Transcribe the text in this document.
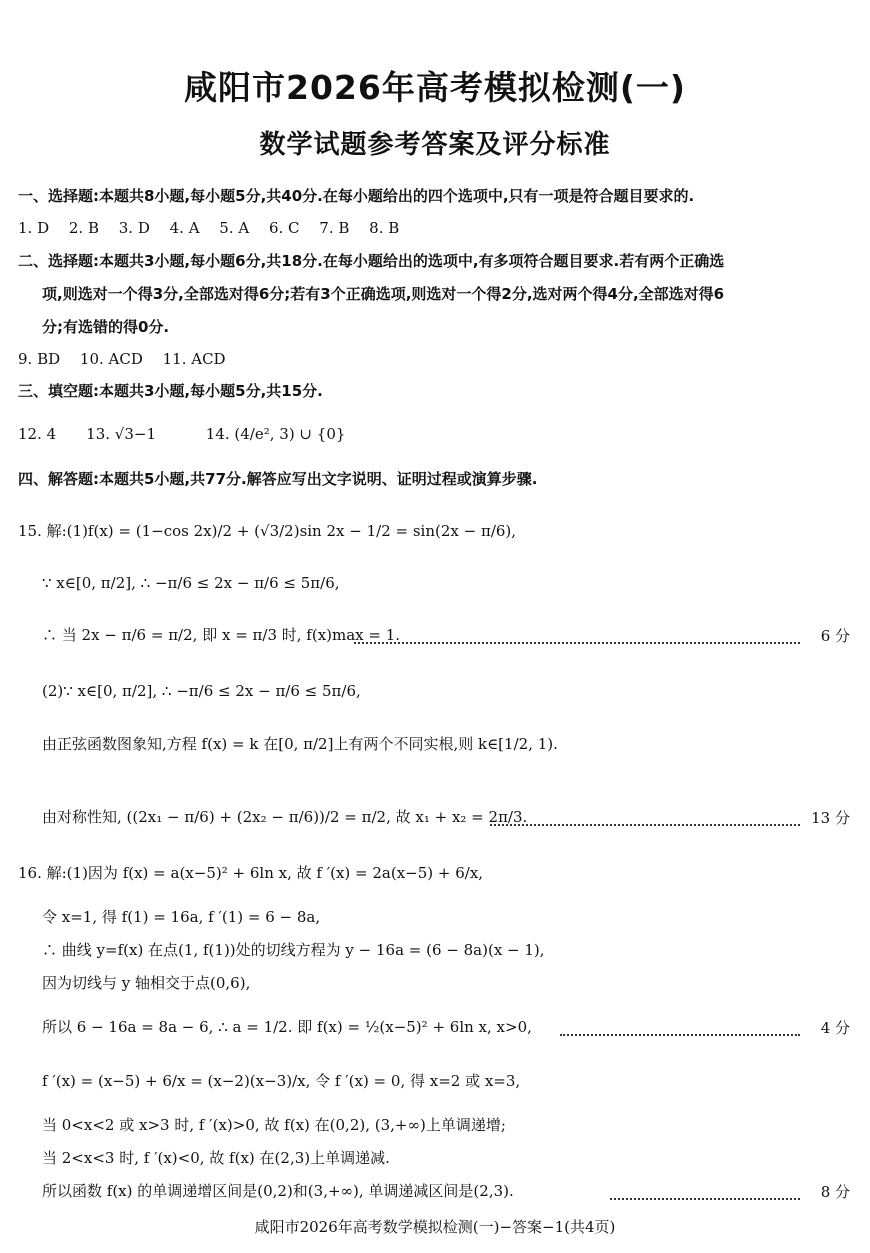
咸阳市2026年高考模拟检测(一)
数学试题参考答案及评分标准
一、选择题:本题共8小题,每小题5分,共40分.在每小题给出的四个选项中,只有一项是符合题目要求的.
1. D　 2. B　 3. D　 4. A　 5. A　 6. C　 7. B　 8. B
二、选择题:本题共3小题,每小题6分,共18分.在每小题给出的选项中,有多项符合题目要求.若有两个正确选
项,则选对一个得3分,全部选对得6分;若有3个正确选项,则选对一个得2分,选对两个得4分,全部选对得6
分;有选错的得0分.
9. BD　 10. ACD　 11. ACD
三、填空题:本题共3小题,每小题5分,共15分.
12. 4　　13. √3−1　　　 14. (4/e², 3) ∪ {0}
四、解答题:本题共5小题,共77分.解答应写出文字说明、证明过程或演算步骤.
15. 解:(1)f(x) = (1−cos 2x)/2 + (√3/2)sin 2x − 1/2 = sin(2x − π/6),
∵ x∈[0, π/2], ∴ −π/6 ≤ 2x − π/6 ≤ 5π/6,
∴ 当 2x − π/6 = π/2, 即 x = π/3 时, f(x)max = 1.	6 分
(2)∵ x∈[0, π/2], ∴ −π/6 ≤ 2x − π/6 ≤ 5π/6,
由正弦函数图象知,方程 f(x) = k 在[0, π/2]上有两个不同实根,则 k∈[1/2, 1).
由对称性知, ((2x₁ − π/6) + (2x₂ − π/6))/2 = π/2, 故 x₁ + x₂ = 2π/3.	13 分
16. 解:(1)因为 f(x) = a(x−5)² + 6ln x, 故 f ′(x) = 2a(x−5) + 6/x,
令 x=1, 得 f(1) = 16a, f ′(1) = 6 − 8a,
∴ 曲线 y=f(x) 在点(1, f(1))处的切线方程为 y − 16a = (6 − 8a)(x − 1),
因为切线与 y 轴相交于点(0,6),
所以 6 − 16a = 8a − 6, ∴ a = 1/2. 即 f(x) = ½(x−5)² + 6ln x, x>0,	4 分
f ′(x) = (x−5) + 6/x = (x−2)(x−3)/x, 令 f ′(x) = 0, 得 x=2 或 x=3,
当 0<x<2 或 x>3 时, f ′(x)>0, 故 f(x) 在(0,2), (3,+∞)上单调递增;
当 2<x<3 时, f ′(x)<0, 故 f(x) 在(2,3)上单调递减.
所以函数 f(x) 的单调递增区间是(0,2)和(3,+∞), 单调递减区间是(2,3).	8 分
咸阳市2026年高考数学模拟检测(一)−答案−1(共4页)
